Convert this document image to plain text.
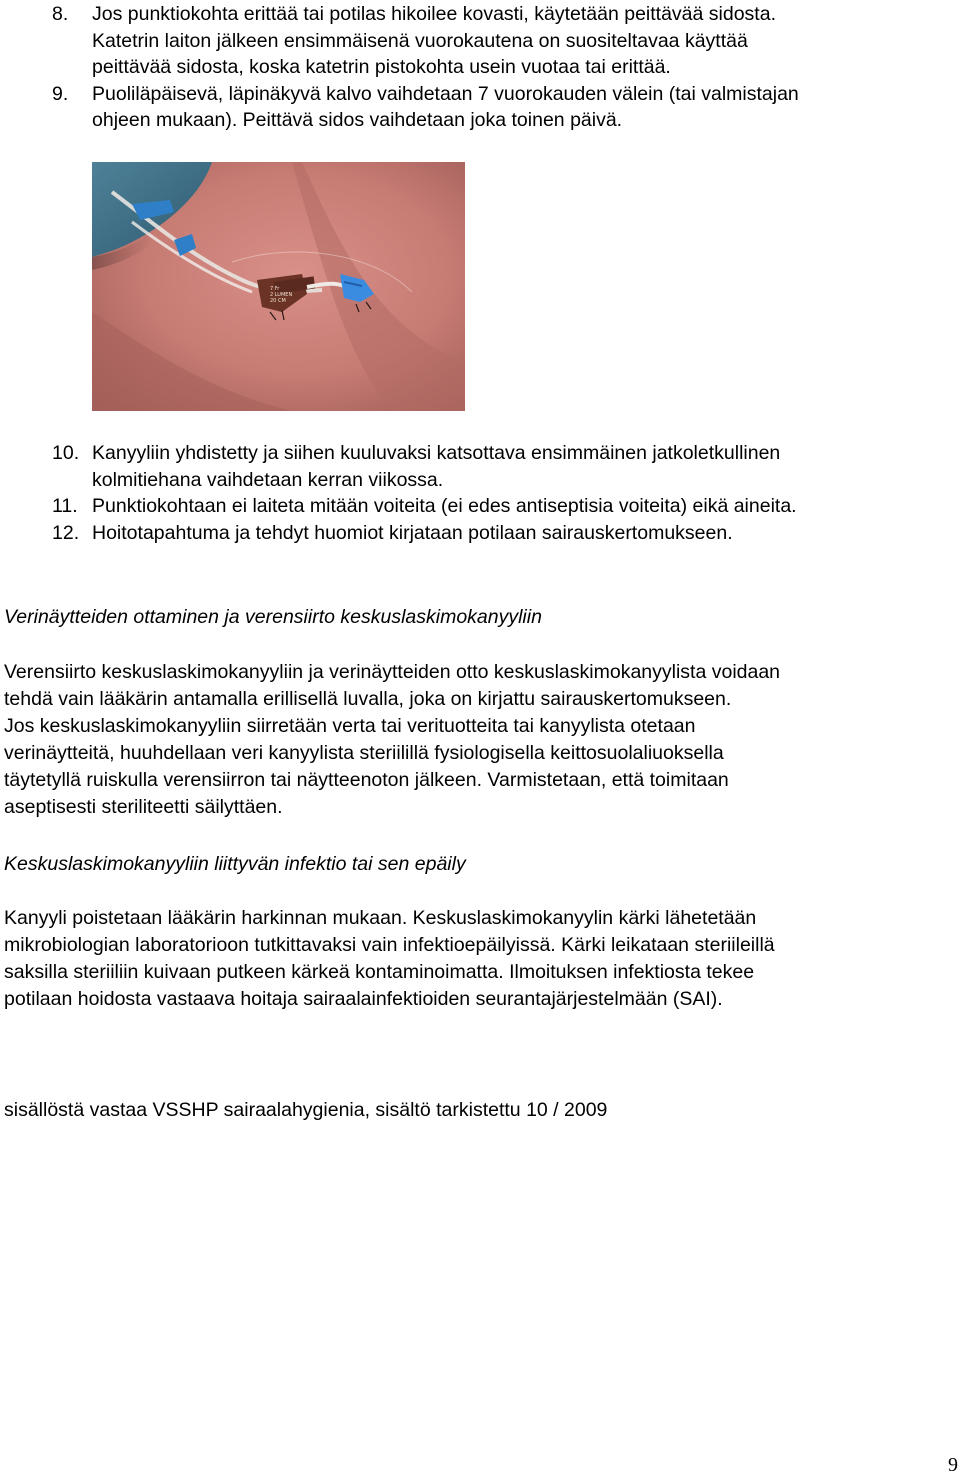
8. Jos punktiokohta erittää tai potilas hikoilee kovasti, käytetään peittävää sidosta.
Katetrin laiton jälkeen ensimmäisenä vuorokautena on suositeltavaa käyttää
peittävää sidosta, koska katetrin pistokohta usein vuotaa tai erittää.
9. Puoliläpäisevä, läpinäkyvä kalvo vaihdetaan 7 vuorokauden välein (tai valmistajan
ohjeen mukaan). Peittävä sidos vaihdetaan joka toinen päivä.
7 Fr
2 LUMEN
20 CM
10. Kanyyliin yhdistetty ja siihen kuuluvaksi katsottava ensimmäinen jatkoletkullinen
kolmitiehana vaihdetaan kerran viikossa.
11. Punktiokohtaan ei laiteta mitään voiteita (ei edes antiseptisia voiteita) eikä aineita.
12. Hoitotapahtuma ja tehdyt huomiot kirjataan potilaan sairauskertomukseen.
Verinäytteiden ottaminen ja verensiirto keskuslaskimokanyyliin
Verensiirto keskuslaskimokanyyliin ja verinäytteiden otto keskuslaskimokanyylista voidaan
tehdä vain lääkärin antamalla erillisellä luvalla, joka on kirjattu sairauskertomukseen.
Jos keskuslaskimokanyyliin siirretään verta tai verituotteita tai kanyylista otetaan
verinäytteitä, huuhdellaan veri kanyylista steriilillä fysiologisella keittosuolaliuoksella
täytetyllä ruiskulla verensiirron tai näytteenoton jälkeen. Varmistetaan, että toimitaan
aseptisesti steriliteetti säilyttäen.
Keskuslaskimokanyyliin liittyvän infektio tai sen epäily
Kanyyli poistetaan lääkärin harkinnan mukaan. Keskuslaskimokanyylin kärki lähetetään
mikrobiologian laboratorioon tutkittavaksi vain infektioepäilyissä. Kärki leikataan steriileillä
saksilla steriiliin kuivaan putkeen kärkeä kontaminoimatta. Ilmoituksen infektiosta tekee
potilaan hoidosta vastaava hoitaja sairaalainfektioiden seurantajärjestelmään (SAI).
sisällöstä vastaa VSSHP sairaalahygienia, sisältö tarkistettu 10 / 2009
9
